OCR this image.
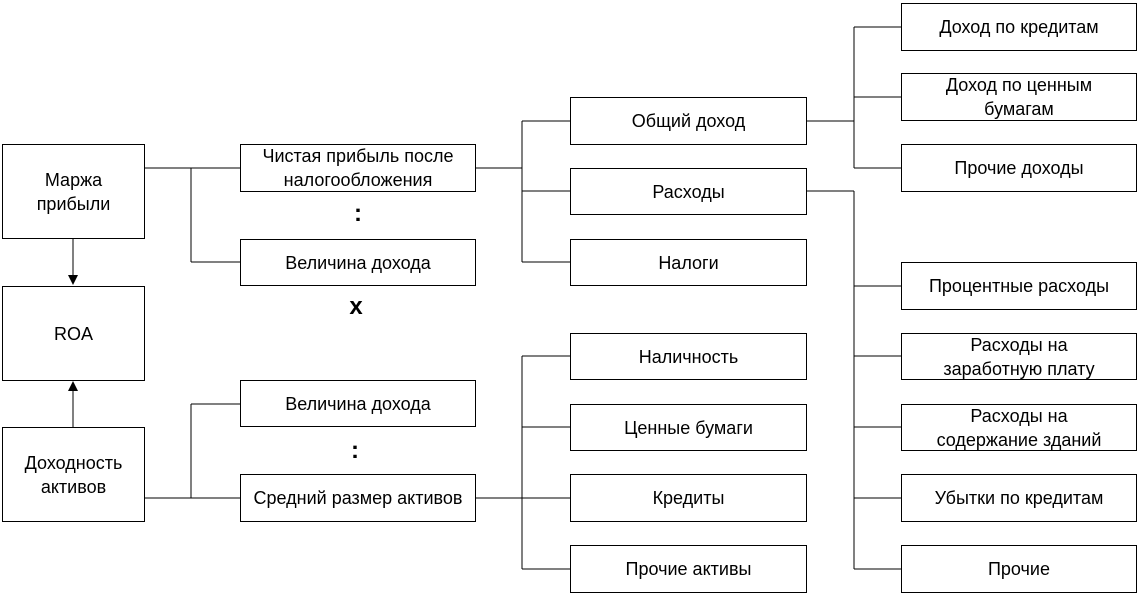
Маржа
прибыли
ROA
Доходность
активов
Чистая прибыль после
налогообложения
:
Величина дохода
x
Величина дохода
:
Средний размер активов
Общий доход
Расходы
Налоги
Наличность
Ценные бумаги
Кредиты
Прочие активы
Доход по кредитам
Доход по ценным
бумагам
Прочие доходы
Процентные расходы
Расходы на
заработную плату
Расходы на
содержание зданий
Убытки по кредитам
Прочие
